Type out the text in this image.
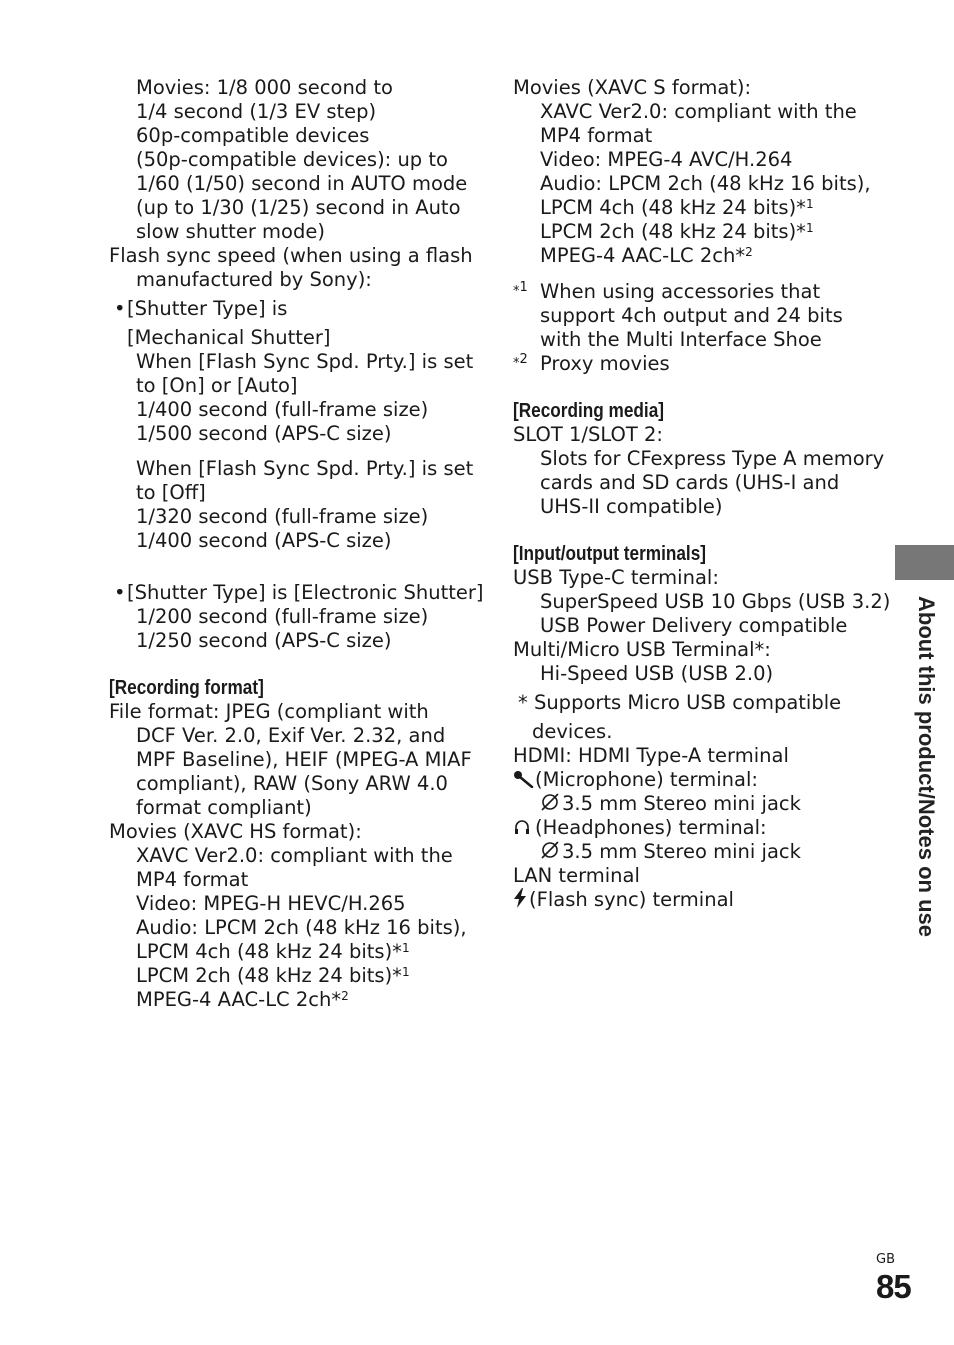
Movies: 1/8 000 second to
1/4 second (1/3 EV step)
60p-compatible devices
(50p-compatible devices): up to
1/60 (1/50) second in AUTO mode
(up to 1/30 (1/25) second in Auto
slow shutter mode)
Flash sync speed (when using a flash
manufactured by Sony):
• [Shutter Type] is
[Mechanical Shutter]
When [Flash Sync Spd. Prty.] is set
to [On] or [Auto]
1/400 second (full-frame size)
1/500 second (APS-C size)
When [Flash Sync Spd. Prty.] is set
to [Off]
1/320 second (full-frame size)
1/400 second (APS-C size)
• [Shutter Type] is [Electronic Shutter]
1/200 second (full-frame size)
1/250 second (APS-C size)
[Recording format]
File format: JPEG (compliant with
DCF Ver. 2.0, Exif Ver. 2.32, and
MPF Baseline), HEIF (MPEG-A MIAF
compliant), RAW (Sony ARW 4.0
format compliant)
Movies (XAVC HS format):
XAVC Ver2.0: compliant with the
MP4 format
Video: MPEG-H HEVC/H.265
Audio: LPCM 2ch (48 kHz 16 bits),
LPCM 4ch (48 kHz 24 bits)*$^1$
LPCM 2ch (48 kHz 24 bits)*$^1$
MPEG-4 AAC-LC 2ch*$^2$
Movies (XAVC S format):
XAVC Ver2.0: compliant with the
MP4 format
Video: MPEG-4 AVC/H.264
Audio: LPCM 2ch (48 kHz 16 bits),
LPCM 4ch (48 kHz 24 bits)*$^1$
LPCM 2ch (48 kHz 24 bits)*$^1$
MPEG-4 AAC-LC 2ch*$^2$
*$^1$ When using accessories that
support 4ch output and 24 bits
with the Multi Interface Shoe
*$^2$ Proxy movies
[Recording media]
SLOT 1/SLOT 2:
Slots for CFexpress Type A memory
cards and SD cards (UHS-I and
UHS-II compatible)
[Input/output terminals]
USB Type-C terminal:
SuperSpeed USB 10 Gbps (USB 3.2)
USB Power Delivery compatible
Multi/Micro USB Terminal*:
Hi-Speed USB (USB 2.0)
* Supports Micro USB compatible
devices.
HDMI: HDMI Type-A terminal
(Microphone) terminal:
3.5 mm Stereo mini jack
(Headphones) terminal:
3.5 mm Stereo mini jack
LAN terminal
(Flash sync) terminal	About this product/Notes on use
GB
85
